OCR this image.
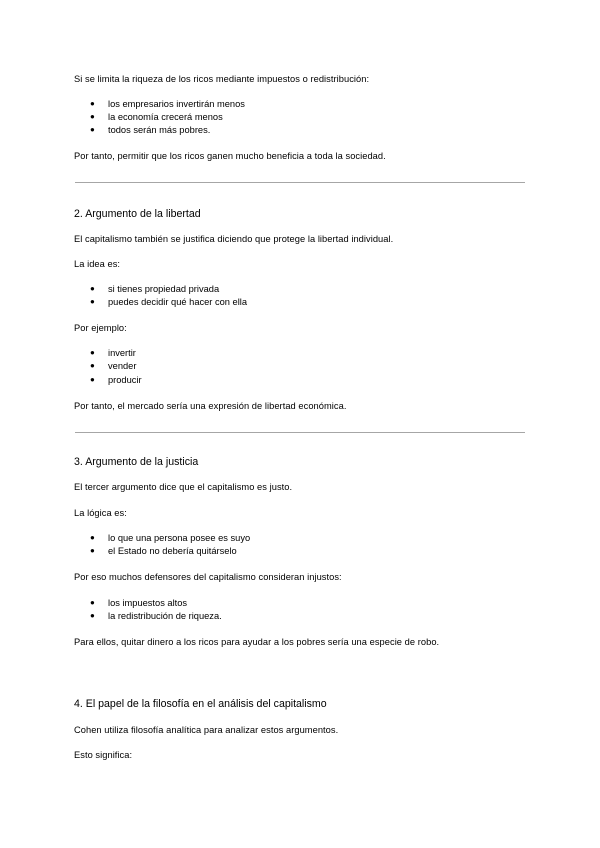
Si se limita la riqueza de los ricos mediante impuestos o redistribución:
●	los empresarios invertirán menos
●	la economía crecerá menos
●	todos serán más pobres.
Por tanto, permitir que los ricos ganen mucho beneficia a toda la sociedad.
2. Argumento de la libertad
El capitalismo también se justifica diciendo que protege la libertad individual.
La idea es:
●	si tienes propiedad privada
●	puedes decidir qué hacer con ella
Por ejemplo:
●	invertir
●	vender
●	producir
Por tanto, el mercado sería una expresión de libertad económica.
3. Argumento de la justicia
El tercer argumento dice que el capitalismo es justo.
La lógica es:
●	lo que una persona posee es suyo
●	el Estado no debería quitárselo
Por eso muchos defensores del capitalismo consideran injustos:
●	los impuestos altos
●	la redistribución de riqueza.
Para ellos, quitar dinero a los ricos para ayudar a los pobres sería una especie de robo.
4. El papel de la filosofía en el análisis del capitalismo
Cohen utiliza filosofía analítica para analizar estos argumentos.
Esto significa:
